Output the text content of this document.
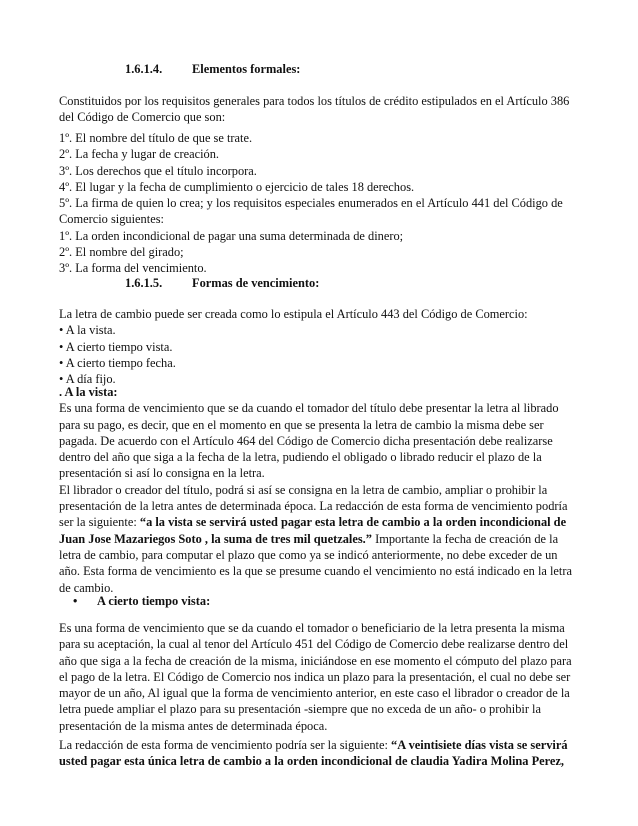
1.6.1.4. Elementos formales:
Constituidos por los requisitos generales para todos los títulos de crédito estipulados en el Artículo 386
del Código de Comercio que son:
1º. El nombre del título de que se trate.
2º. La fecha y lugar de creación.
3º. Los derechos que el título incorpora.
4º. El lugar y la fecha de cumplimiento o ejercicio de tales 18 derechos.
5º. La firma de quien lo crea; y los requisitos especiales enumerados en el Artículo 441 del Código de
Comercio siguientes:
1º. La orden incondicional de pagar una suma determinada de dinero;
2º. El nombre del girado;
3º. La forma del vencimiento.
1.6.1.5. Formas de vencimiento:
La letra de cambio puede ser creada como lo estipula el Artículo 443 del Código de Comercio:
• A la vista.
• A cierto tiempo vista.
• A cierto tiempo fecha.
• A día fijo.
. A la vista:
Es una forma de vencimiento que se da cuando el tomador del título debe presentar la letra al librado
para su pago, es decir, que en el momento en que se presenta la letra de cambio la misma debe ser
pagada. De acuerdo con el Artículo 464 del Código de Comercio dicha presentación debe realizarse
dentro del año que siga a la fecha de la letra, pudiendo el obligado o librado reducir el plazo de la
presentación si así lo consigna en la letra.
El librador o creador del título, podrá si así se consigna en la letra de cambio, ampliar o prohibir la
presentación de la letra antes de determinada época. La redacción de esta forma de vencimiento podría
ser la siguiente: “a la vista se servirá usted pagar esta letra de cambio a la orden incondicional de
Juan Jose Mazariegos Soto , la suma de tres mil quetzales.” Importante la fecha de creación de la
letra de cambio, para computar el plazo que como ya se indicó anteriormente, no debe exceder de un
año. Esta forma de vencimiento es la que se presume cuando el vencimiento no está indicado en la letra
de cambio.
• A cierto tiempo vista:
Es una forma de vencimiento que se da cuando el tomador o beneficiario de la letra presenta la misma
para su aceptación, la cual al tenor del Artículo 451 del Código de Comercio debe realizarse dentro del
año que siga a la fecha de creación de la misma, iniciándose en ese momento el cómputo del plazo para
el pago de la letra. El Código de Comercio nos indica un plazo para la presentación, el cual no debe ser
mayor de un año, Al igual que la forma de vencimiento anterior, en este caso el librador o creador de la
letra puede ampliar el plazo para su presentación -siempre que no exceda de un año- o prohibir la
presentación de la misma antes de determinada época.
La redacción de esta forma de vencimiento podría ser la siguiente: “A veintisiete días vista se servirá
usted pagar esta única letra de cambio a la orden incondicional de claudia Yadira Molina Perez,
